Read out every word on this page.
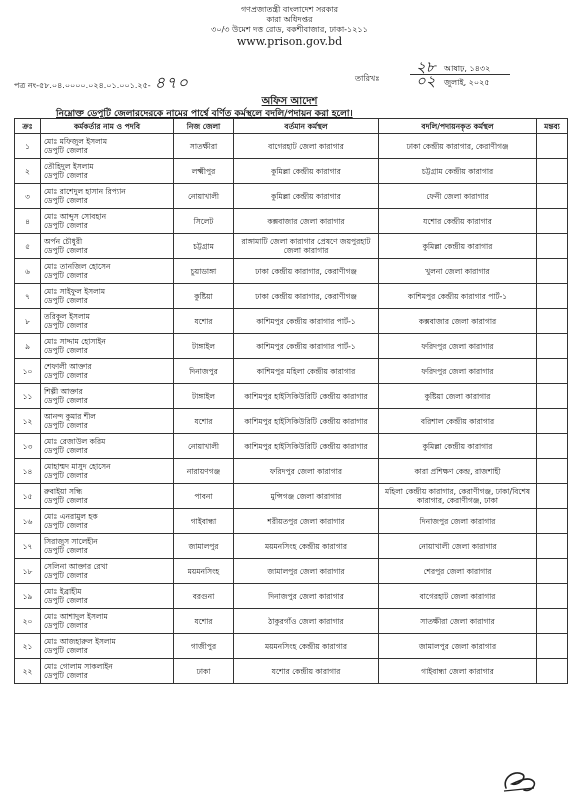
গণপ্রজাতন্ত্রী বাংলাদেশ সরকার
কারা অধিদপ্তর
৩০/৩ উমেশ দত্ত রোড, বকশীবাজার, ঢাকা-১২১১
www.prison.gov.bd
পত্র নং-৫৮.০৪.০০০০.০২৪.০১.০০১.২৫- ৪৭০	তারিখঃ
২৮ আষাঢ়, ১৪৩২
০২ জুলাই, ২০২৫
অফিস আদেশ
নিম্নোক্ত ডেপুটি জেলারদেরকে নামের পার্শ্বে বর্ণিত কর্মস্থলে বদলি/পদায়ন করা হলো।
ক্রঃ	কর্মকর্তার নাম ও পদবি	নিজ জেলা	বর্তমান কর্মস্থল	বদলি/পদায়নকৃত কর্মস্থল	মন্তব্য
১	মোঃ মফিজুল ইসলাম
ডেপুটি জেলার	সাতক্ষীরা	বাগেরহাট জেলা কারাগার	ঢাকা কেন্দ্রীয় কারাগার, কেরাণীগঞ্জ	
২	তৌহিদুল ইসলাম
ডেপুটি জেলার	লক্ষ্মীপুর	কুমিল্লা কেন্দ্রীয় কারাগার	চট্টগ্রাম কেন্দ্রীয় কারাগার	
৩	মোঃ রাশেদুল হাসান রিপ্যান
ডেপুটি জেলার	নোয়াখালী	কুমিল্লা কেন্দ্রীয় কারাগার	ফেনী জেলা কারাগার	
৪	মোঃ আব্দুস সোবহান
ডেপুটি জেলার	সিলেট	কক্সবাজার জেলা কারাগার	যশোর কেন্দ্রীয় কারাগার	
৫	অর্পন চৌধুরী
ডেপুটি জেলার	চট্টগ্রাম	রাঙ্গামাটি জেলা কারাগার প্রেষণে জয়পুরহাট জেলা কারাগার	কুমিল্লা কেন্দ্রীয় কারাগার	
৬	মোঃ তানজিল হোসেন
ডেপুটি জেলার	চুয়াডাঙ্গা	ঢাকা কেন্দ্রীয় কারাগার, কেরাণীগঞ্জ	খুলনা জেলা কারাগার	
৭	মোঃ সাইফুল ইসলাম
ডেপুটি জেলার	কুষ্টিয়া	ঢাকা কেন্দ্রীয় কারাগার, কেরাণীগঞ্জ	কাশিমপুর কেন্দ্রীয় কারাগার পার্ট-১	
৮	তরিকুল ইসলাম
ডেপুটি জেলার	যশোর	কাশিমপুর কেন্দ্রীয় কারাগার পার্ট-১	কক্সবাজার জেলা কারাগার	
৯	মোঃ সাদ্দাম হোসাইন
ডেপুটি জেলার	টাঙ্গাইল	কাশিমপুর কেন্দ্রীয় কারাগার পার্ট-১	ফরিদপুর জেলা কারাগার	
১০	শেফালী আক্তার
ডেপুটি জেলার	দিনাজপুর	কাশিমপুর মহিলা কেন্দ্রীয় কারাগার	ফরিদপুর জেলা কারাগার	
১১	শিল্পী আক্তার
ডেপুটি জেলার	টাঙ্গাইল	কাশিমপুর হাইসিকিউরিটি কেন্দ্রীয় কারাগার	কুষ্টিয়া জেলা কারাগার	
১২	আনন্দ কুমার শীল
ডেপুটি জেলার	যশোর	কাশিমপুর হাইসিকিউরিটি কেন্দ্রীয় কারাগার	বরিশাল কেন্দ্রীয় কারাগার	
১৩	মোঃ রেজাউল করিম
ডেপুটি জেলার	নোয়াখালী	কাশিমপুর হাইসিকিউরিটি কেন্দ্রীয় কারাগার	কুমিল্লা কেন্দ্রীয় কারাগার	
১৪	মোহাম্মদ মাসুদ হোসেন
ডেপুটি জেলার	নারায়ণগঞ্জ	ফরিদপুর জেলা কারাগার	কারা প্রশিক্ষণ কেন্দ্র, রাজশাহী	
১৫	রুবাইয়া সন্ধি
ডেপুটি জেলার	পাবনা	মুন্সিগঞ্জ জেলা কারাগার	মহিলা কেন্দ্রীয় কারাগার, কেরাণীগঞ্জ, ঢাকা/বিশেষ কারাগার, কেরাণীগঞ্জ, ঢাকা	
১৬	মোঃ এনরামুল হক
ডেপুটি জেলার	গাইবান্ধা	শরীয়তপুর জেলা কারাগার	দিনাজপুর জেলা কারাগার	
১৭	সিরাজুস সালেহীন
ডেপুটি জেলার	জামালপুর	ময়মনসিংহ কেন্দ্রীয় কারাগার	নোয়াখালী জেলা কারাগার	
১৮	সেলিনা আক্তার রেখা
ডেপুটি জেলার	ময়মনসিংহ	জামালপুর জেলা কারাগার	শেরপুর জেলা কারাগার	
১৯	মোঃ ইব্রাহীম
ডেপুটি জেলার	বরগুনা	দিনাজপুর জেলা কারাগার	বাগেরহাট জেলা কারাগার	
২০	মোঃ আশাদুল ইসলাম
ডেপুটি জেলার	যশোর	ঠাকুরগাঁও জেলা কারাগার	সাতক্ষীরা জেলা কারাগার	
২১	মোঃ আজহারুল ইসলাম
ডেপুটি জেলার	গাজীপুর	ময়মনসিংহ কেন্দ্রীয় কারাগার	জামালপুর জেলা কারাগার	
২২	মোঃ গোলাম সাকলাইন
ডেপুটি জেলার	ঢাকা	যশোর কেন্দ্রীয় কারাগার	গাইবান্ধা জেলা কারাগার	
